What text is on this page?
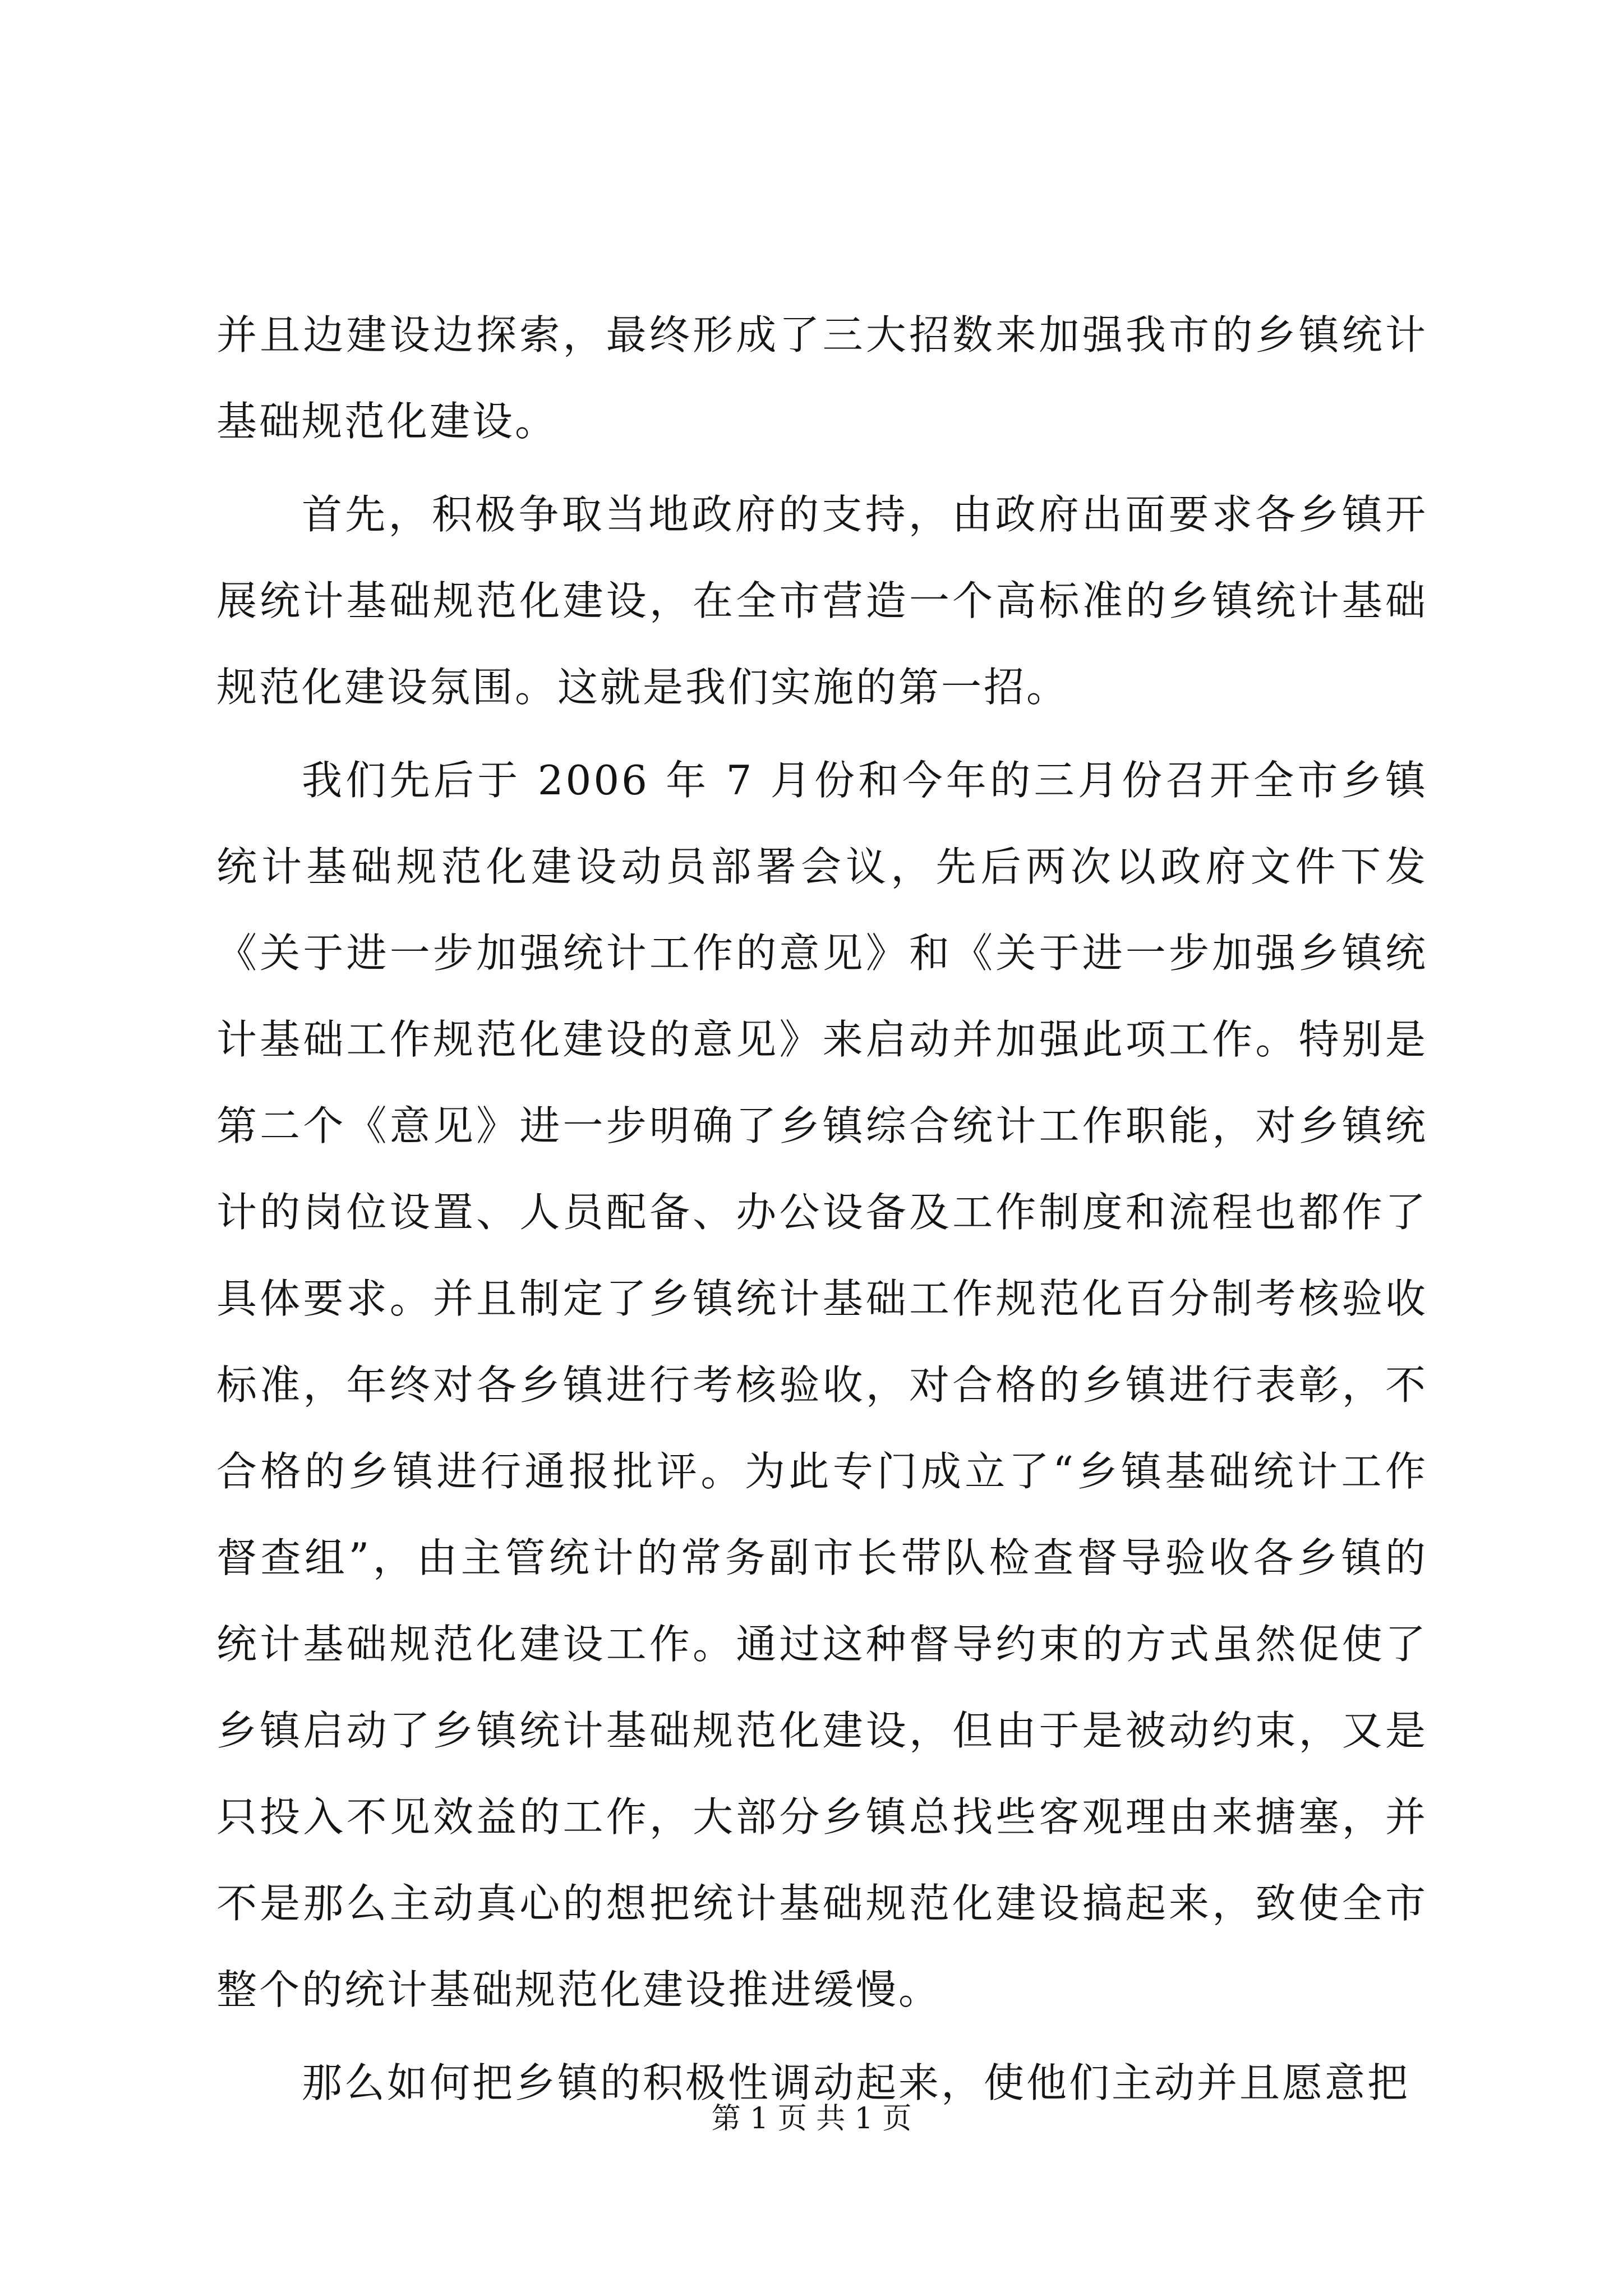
并且边建设边探索，最终形成了三大招数来加强我市的乡镇统计基础规范化建设。

首先，积极争取当地政府的支持，由政府出面要求各乡镇开展统计基础规范化建设，在全市营造一个高标准的乡镇统计基础规范化建设氛围。这就是我们实施的第一招。

我们先后于 2006 年 7 月份和今年的三月份召开全市乡镇统计基础规范化建设动员部署会议，先后两次以政府文件下发《关于进一步加强统计工作的意见》和《关于进一步加强乡镇统计基础工作规范化建设的意见》来启动并加强此项工作。特别是第二个《意见》进一步明确了乡镇综合统计工作职能，对乡镇统计的岗位设置、人员配备、办公设备及工作制度和流程也都作了具体要求。并且制定了乡镇统计基础工作规范化百分制考核验收标准，年终对各乡镇进行考核验收，对合格的乡镇进行表彰，不合格的乡镇进行通报批评。为此专门成立了“乡镇基础统计工作督查组”，由主管统计的常务副市长带队检查督导验收各乡镇的统计基础规范化建设工作。通过这种督导约束的方式虽然促使了乡镇启动了乡镇统计基础规范化建设，但由于是被动约束，又是只投入不见效益的工作，大部分乡镇总找些客观理由来搪塞，并不是那么主动真心的想把统计基础规范化建设搞起来，致使全市整个的统计基础规范化建设推进缓慢。

那么如何把乡镇的积极性调动起来，使他们主动并且愿意把

第 1 页 共 1 页
